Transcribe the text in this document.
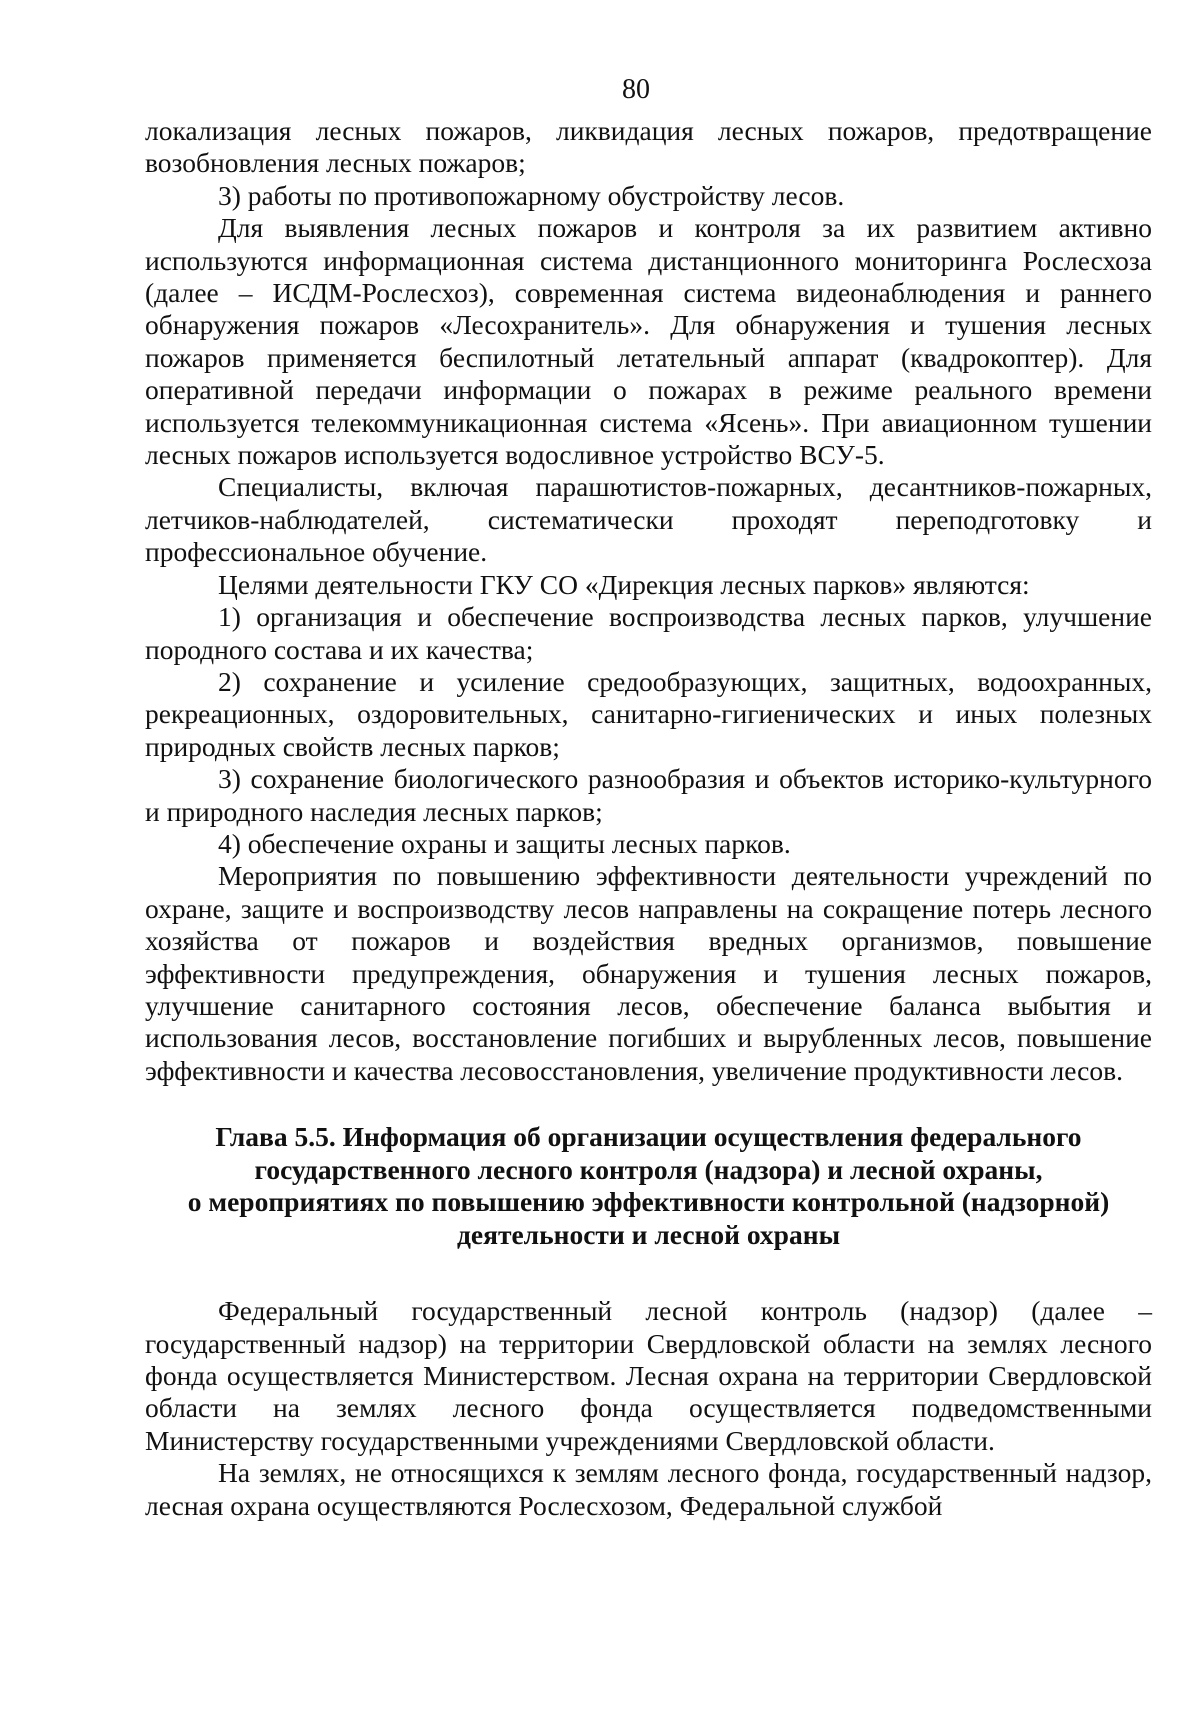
80

локализация лесных пожаров, ликвидация лесных пожаров, предотвращение возобновления лесных пожаров;

3) работы по противопожарному обустройству лесов.

Для выявления лесных пожаров и контроля за их развитием активно используются информационная система дистанционного мониторинга Рослесхоза (далее – ИСДМ-Рослесхоз), современная система видеонаблюдения и раннего обнаружения пожаров «Лесохранитель». Для обнаружения и тушения лесных пожаров применяется беспилотный летательный аппарат (квадрокоптер). Для оперативной передачи информации о пожарах в режиме реального времени используется телекоммуникационная система «Ясень». При авиационном тушении лесных пожаров используется водосливное устройство ВСУ-5.

Специалисты, включая парашютистов-пожарных, десантников-пожарных, летчиков-наблюдателей, систематически проходят переподготовку и профессиональное обучение.

Целями деятельности ГКУ СО «Дирекция лесных парков» являются:

1) организация и обеспечение воспроизводства лесных парков, улучшение породного состава и их качества;

2) сохранение и усиление средообразующих, защитных, водоохранных, рекреационных, оздоровительных, санитарно-гигиенических и иных полезных природных свойств лесных парков;

3) сохранение биологического разнообразия и объектов историко-культурного и природного наследия лесных парков;

4) обеспечение охраны и защиты лесных парков.

Мероприятия по повышению эффективности деятельности учреждений по охране, защите и воспроизводству лесов направлены на сокращение потерь лесного хозяйства от пожаров и воздействия вредных организмов, повышение эффективности предупреждения, обнаружения и тушения лесных пожаров, улучшение санитарного состояния лесов, обеспечение баланса выбытия и использования лесов, восстановление погибших и вырубленных лесов, повышение эффективности и качества лесовосстановления, увеличение продуктивности лесов.

Глава 5.5. Информация об организации осуществления федерального
государственного лесного контроля (надзора) и лесной охраны,
о мероприятиях по повышению эффективности контрольной (надзорной)
деятельности и лесной охраны

Федеральный государственный лесной контроль (надзор) (далее – государственный надзор) на территории Свердловской области на землях лесного фонда осуществляется Министерством. Лесная охрана на территории Свердловской области на землях лесного фонда осуществляется подведомственными Министерству государственными учреждениями Свердловской области.

На землях, не относящихся к землям лесного фонда, государственный надзор, лесная охрана осуществляются Рослесхозом, Федеральной службой
